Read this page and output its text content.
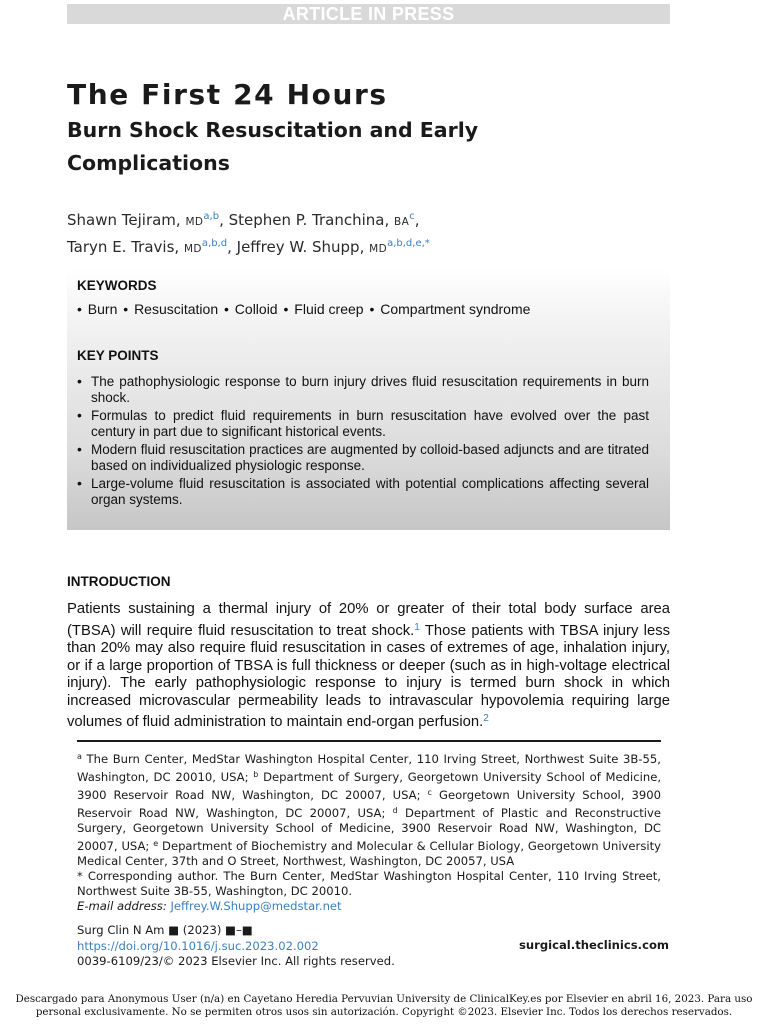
ARTICLE IN PRESS
The First 24 Hours
Burn Shock Resuscitation and Early Complications
Shawn Tejiram, MD$^{a,b}$, Stephen P. Tranchina, BA$^c$,
Taryn E. Travis, MD$^{a,b,d}$, Jeffrey W. Shupp, MD$^{a,b,d,e,*}$
KEYWORDS
• Burn • Resuscitation • Colloid • Fluid creep • Compartment syndrome
KEY POINTS
• The pathophysiologic response to burn injury drives fluid resuscitation requirements in burn shock.
• Formulas to predict fluid requirements in burn resuscitation have evolved over the past century in part due to significant historical events.
• Modern fluid resuscitation practices are augmented by colloid-based adjuncts and are titrated based on individualized physiologic response.
• Large-volume fluid resuscitation is associated with potential complications affecting several organ systems.
INTRODUCTION

Patients sustaining a thermal injury of 20% or greater of their total body surface area (TBSA) will require fluid resuscitation to treat shock.$^1$ Those patients with TBSA injury less than 20% may also require fluid resuscitation in cases of extremes of age, inhalation injury, or if a large proportion of TBSA is full thickness or deeper (such as in high-voltage electrical injury). The early pathophysiologic response to injury is termed burn shock in which increased microvascular permeability leads to intravascular hypovolemia requiring large volumes of fluid administration to maintain end-organ perfusion.$^2$

$^a$ The Burn Center, MedStar Washington Hospital Center, 110 Irving Street, Northwest Suite 3B-55, Washington, DC 20010, USA; $^b$ Department of Surgery, Georgetown University School of Medicine, 3900 Reservoir Road NW, Washington, DC 20007, USA; $^c$ Georgetown University School, 3900 Reservoir Road NW, Washington, DC 20007, USA; $^d$ Department of Plastic and Reconstructive Surgery, Georgetown University School of Medicine, 3900 Reservoir Road NW, Washington, DC 20007, USA; $^e$ Department of Biochemistry and Molecular & Cellular Biology, Georgetown University Medical Center, 37th and O Street, Northwest, Washington, DC 20057, USA

* Corresponding author. The Burn Center, MedStar Washington Hospital Center, 110 Irving Street, Northwest Suite 3B-55, Washington, DC 20010.

E-mail address: Jeffrey.W.Shupp@medstar.net

Surg Clin N Am ■ (2023) ■–■
https://doi.org/10.1016/j.suc.2023.02.002
0039-6109/23/© 2023 Elsevier Inc. All rights reserved.
surgical.theclinics.com
Descargado para Anonymous User (n/a) en Cayetano Heredia Pervuvian University de ClinicalKey.es por Elsevier en abril 16, 2023. Para uso
personal exclusivamente. No se permiten otros usos sin autorización. Copyright ©2023. Elsevier Inc. Todos los derechos reservados.
